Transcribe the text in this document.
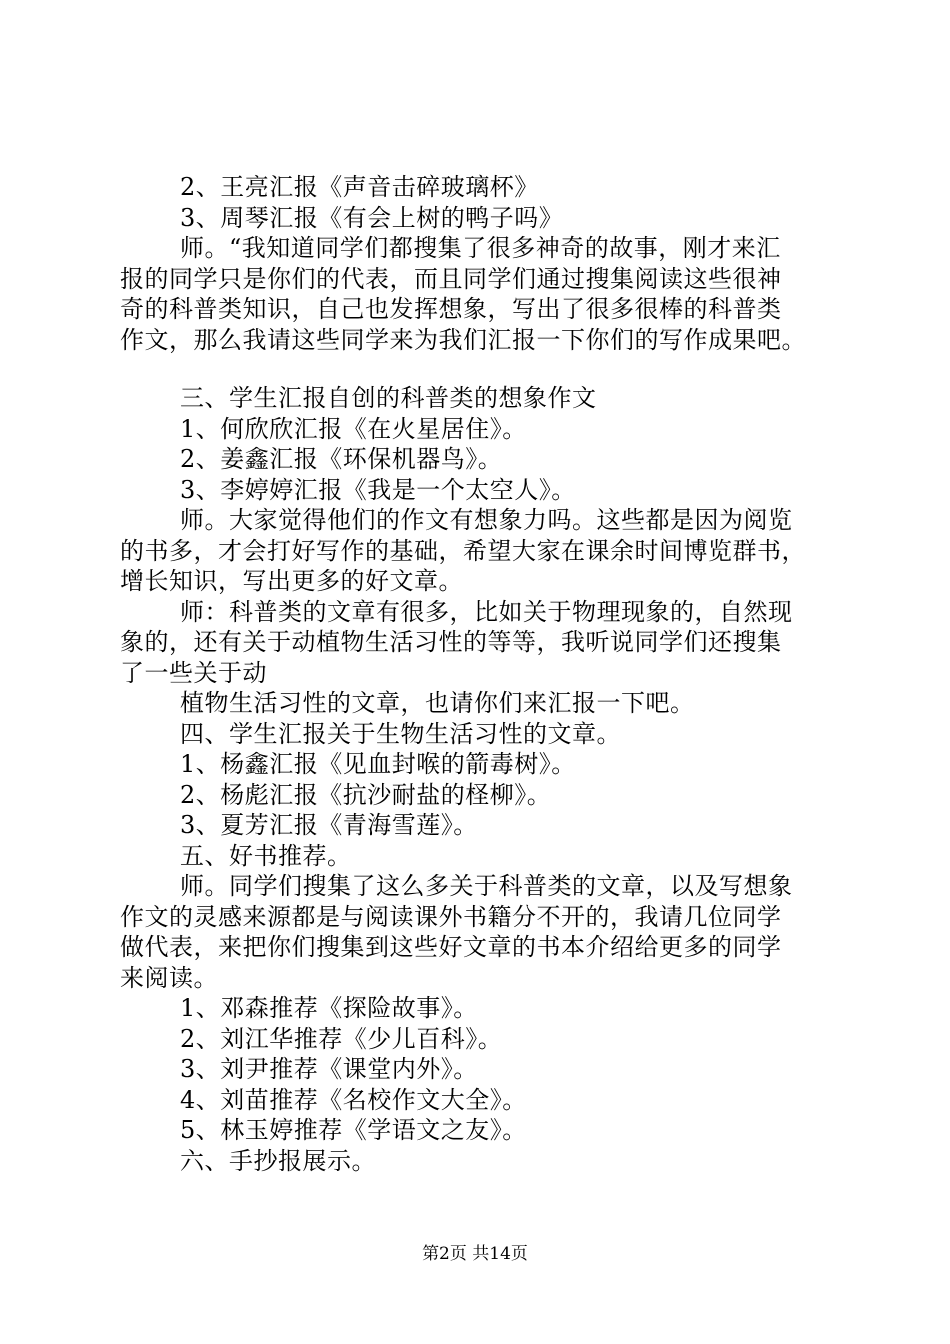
2、王亮汇报《声音击碎玻璃杯》
3、周琴汇报《有会上树的鸭子吗》
师。“我知道同学们都搜集了很多神奇的故事，刚才来汇
报的同学只是你们的代表，而且同学们通过搜集阅读这些很神
奇的科普类知识，自己也发挥想象，写出了很多很棒的科普类
作文，那么我请这些同学来为我们汇报一下你们的写作成果吧。
三、学生汇报自创的科普类的想象作文
1、何欣欣汇报《在火星居住》。
2、姜鑫汇报《环保机器鸟》。
3、李婷婷汇报《我是一个太空人》。
师。大家觉得他们的作文有想象力吗。这些都是因为阅览
的书多，才会打好写作的基础，希望大家在课余时间博览群书，
增长知识，写出更多的好文章。
师：科普类的文章有很多，比如关于物理现象的，自然现
象的，还有关于动植物生活习性的等等，我听说同学们还搜集
了一些关于动
植物生活习性的文章，也请你们来汇报一下吧。
四、学生汇报关于生物生活习性的文章。
1、杨鑫汇报《见血封喉的箭毒树》。
2、杨彪汇报《抗沙耐盐的柽柳》。
3、夏芳汇报《青海雪莲》。
五、好书推荐。
师。同学们搜集了这么多关于科普类的文章，以及写想象
作文的灵感来源都是与阅读课外书籍分不开的，我请几位同学
做代表，来把你们搜集到这些好文章的书本介绍给更多的同学
来阅读。
1、邓森推荐《探险故事》。
2、刘江华推荐《少儿百科》。
3、刘尹推荐《课堂内外》。
4、刘苗推荐《名校作文大全》。
5、林玉婷推荐《学语文之友》。
六、手抄报展示。
第2页 共14页
